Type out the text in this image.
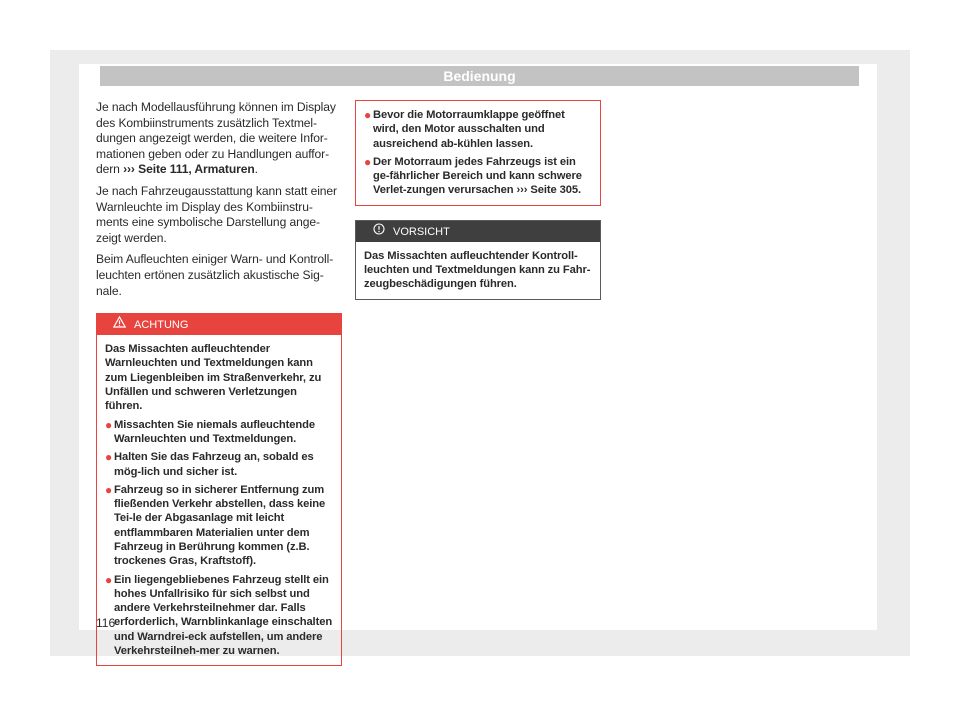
Bedienung

Je nach Modellausführung können im Display des Kombiinstruments zusätzlich Textmel-dungen angezeigt werden, die weitere Infor-mationen geben oder zu Handlungen auffor-dern ››› Seite 111, Armaturen.

Je nach Fahrzeugausstattung kann statt einer Warnleuchte im Display des Kombiinstru-ments eine symbolische Darstellung ange-zeigt werden.

Beim Aufleuchten einiger Warn- und Kontroll-leuchten ertönen zusätzlich akustische Sig-nale.

ACHTUNG

Das Missachten aufleuchtender Warnleuchten und Textmeldungen kann zum Liegenbleiben im Straßenverkehr, zu Unfällen und schweren Verletzungen führen.

● Missachten Sie niemals aufleuchtende Warnleuchten und Textmeldungen.
● Halten Sie das Fahrzeug an, sobald es mög-lich und sicher ist.
● Fahrzeug so in sicherer Entfernung zum fließenden Verkehr abstellen, dass keine Tei-le der Abgasanlage mit leicht entflammbaren Materialien unter dem Fahrzeug in Berührung kommen (z.B. trockenes Gras, Kraftstoff).
● Ein liegengebliebenes Fahrzeug stellt ein hohes Unfallrisiko für sich selbst und andere Verkehrsteilnehmer dar. Falls erforderlich, Warnblinkanlage einschalten und Warndrei-eck aufstellen, um andere Verkehrsteilneh-mer zu warnen.
● Bevor die Motorraumklappe geöffnet wird, den Motor ausschalten und ausreichend ab-kühlen lassen.
● Der Motorraum jedes Fahrzeugs ist ein ge-fährlicher Bereich und kann schwere Verlet-zungen verursachen ››› Seite 305.
VORSICHT

Das Missachten aufleuchtender Kontroll-leuchten und Textmeldungen kann zu Fahr-zeugbeschädigungen führen.

116
